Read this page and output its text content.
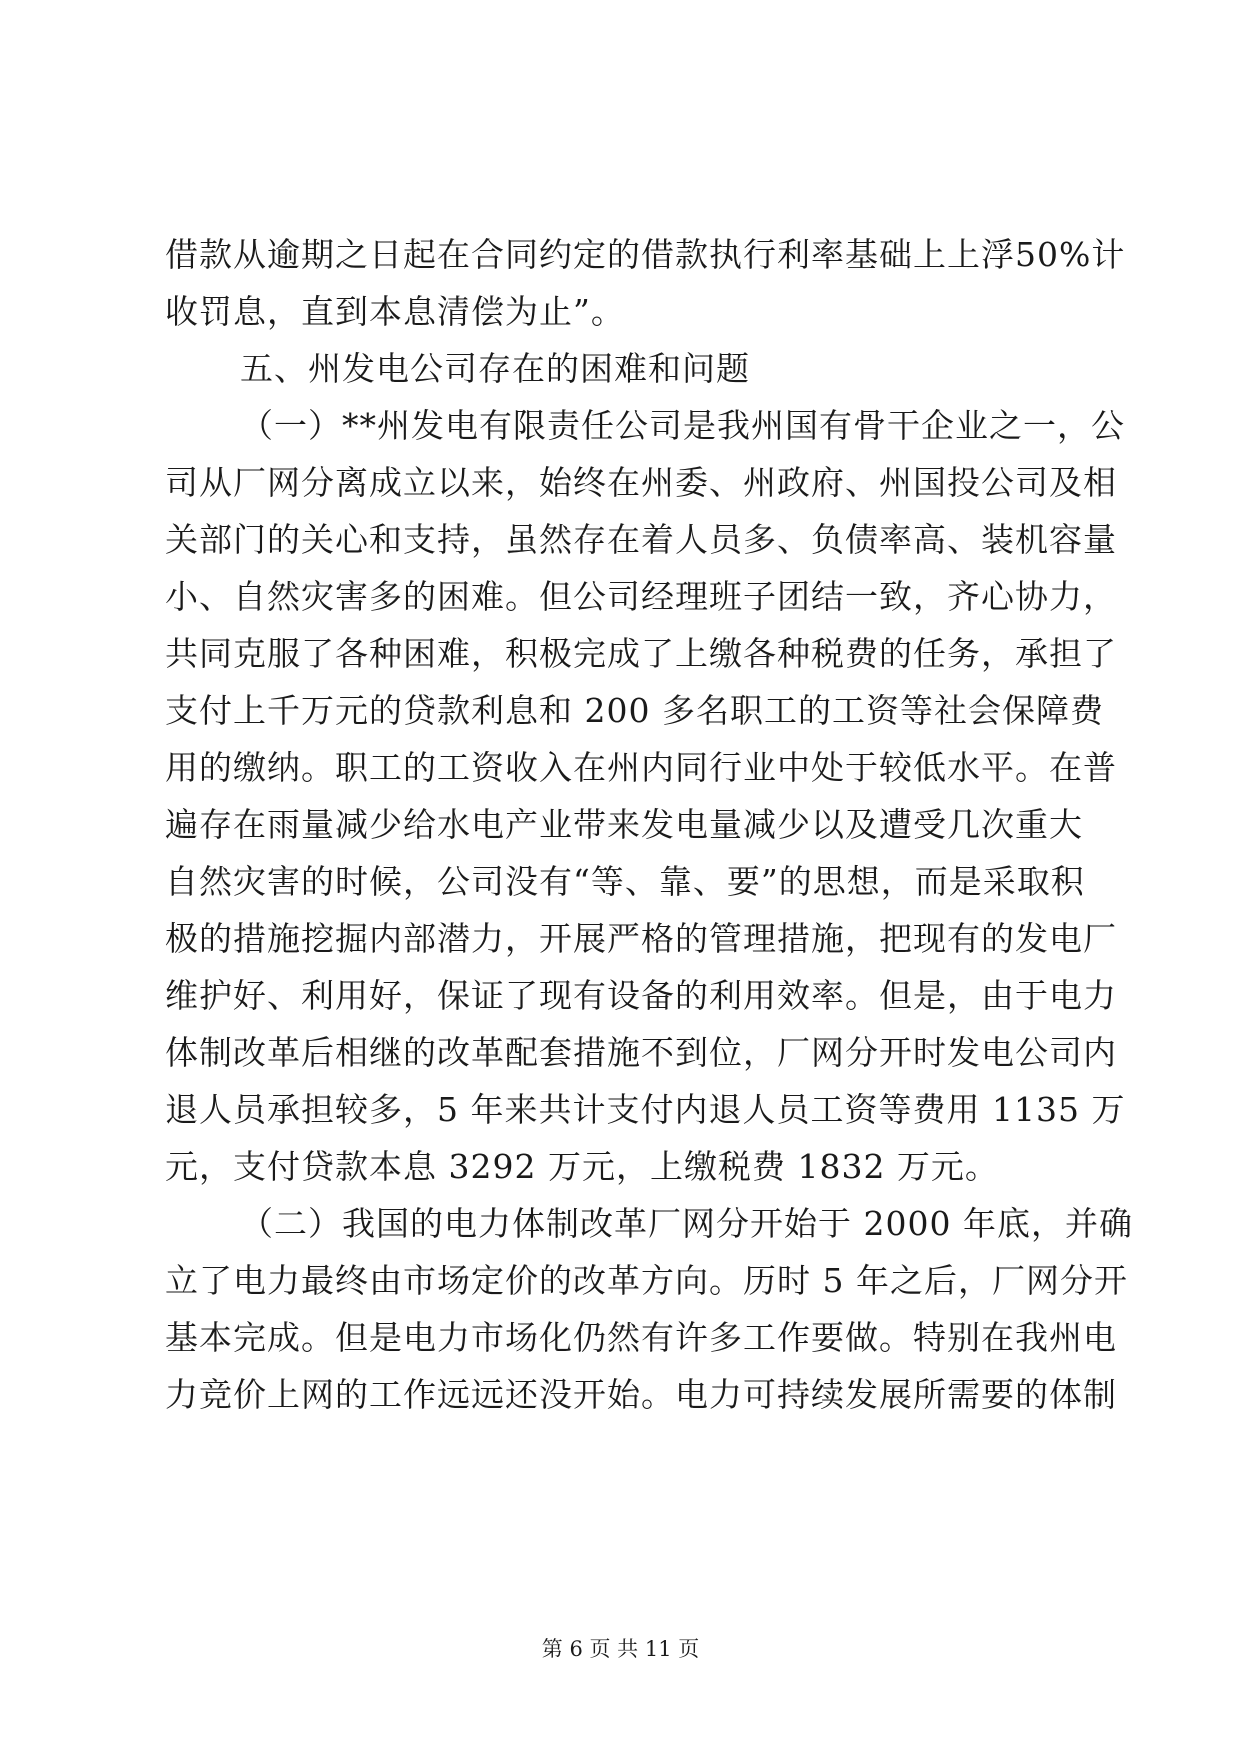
借款从逾期之日起在合同约定的借款执行利率基础上上浮50%计
收罚息，直到本息清偿为止”。
五、州发电公司存在的困难和问题
（一）**州发电有限责任公司是我州国有骨干企业之一，公
司从厂网分离成立以来，始终在州委、州政府、州国投公司及相
关部门的关心和支持，虽然存在着人员多、负债率高、装机容量
小、自然灾害多的困难。但公司经理班子团结一致，齐心协力，
共同克服了各种困难，积极完成了上缴各种税费的任务，承担了
支付上千万元的贷款利息和 200 多名职工的工资等社会保障费
用的缴纳。职工的工资收入在州内同行业中处于较低水平。在普
遍存在雨量减少给水电产业带来发电量减少以及遭受几次重大
自然灾害的时候，公司没有“等、靠、要”的思想，而是采取积
极的措施挖掘内部潜力，开展严格的管理措施，把现有的发电厂
维护好、利用好，保证了现有设备的利用效率。但是，由于电力
体制改革后相继的改革配套措施不到位，厂网分开时发电公司内
退人员承担较多，5 年来共计支付内退人员工资等费用 1135 万
元，支付贷款本息 3292 万元，上缴税费 1832 万元。
（二）我国的电力体制改革厂网分开始于 2000 年底，并确
立了电力最终由市场定价的改革方向。历时 5 年之后，厂网分开
基本完成。但是电力市场化仍然有许多工作要做。特别在我州电
力竞价上网的工作远远还没开始。电力可持续发展所需要的体制
第 6 页 共 11 页
